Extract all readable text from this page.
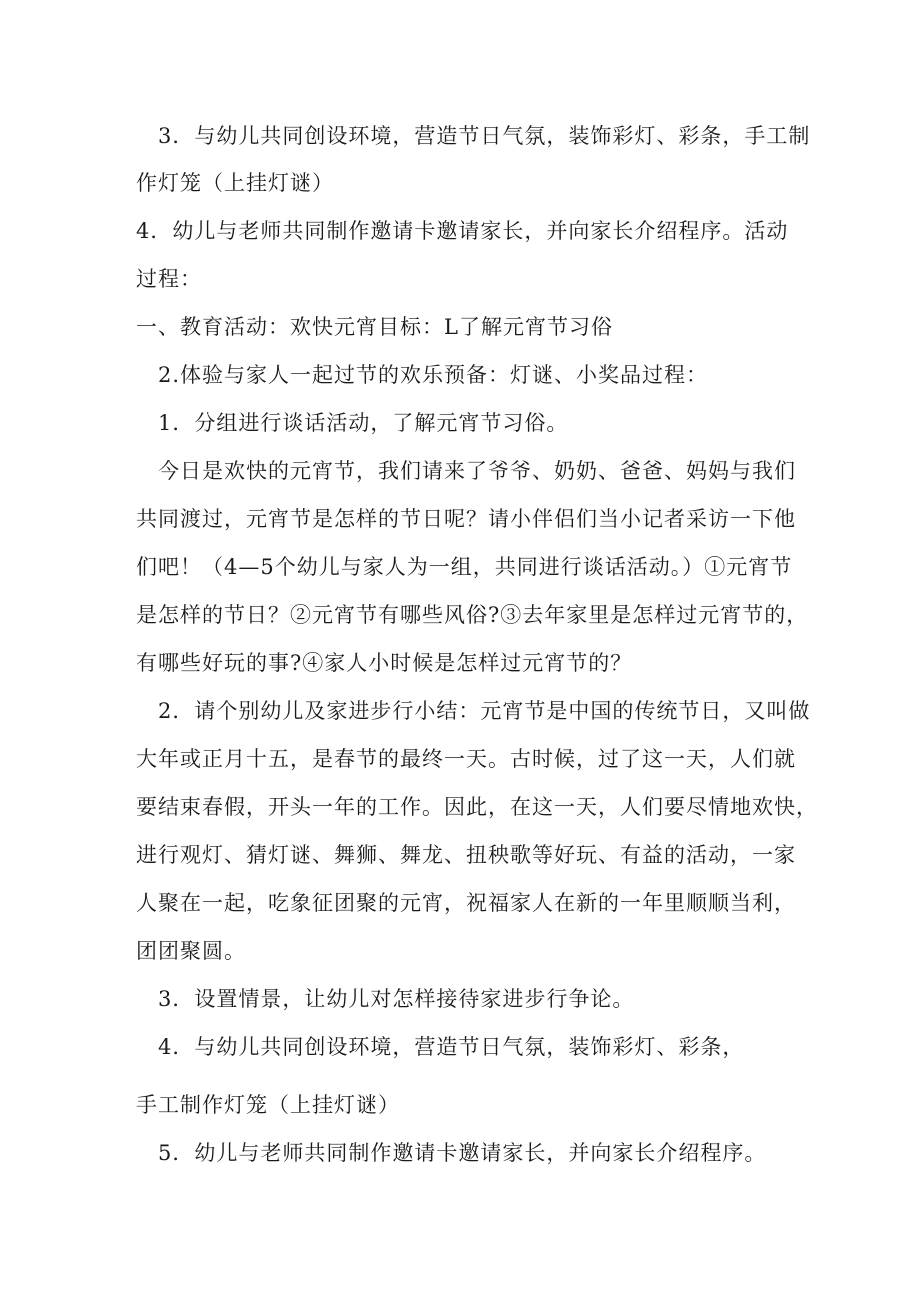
3．与幼儿共同创设环境，营造节日气氛，装饰彩灯、彩条，手工制
作灯笼（上挂灯谜）
4．幼儿与老师共同制作邀请卡邀请家长，并向家长介绍程序。活动
过程：
一、教育活动：欢快元宵目标：L了解元宵节习俗
2.体验与家人一起过节的欢乐预备：灯谜、小奖品过程：
1．分组进行谈话活动，了解元宵节习俗。
今日是欢快的元宵节，我们请来了爷爷、奶奶、爸爸、妈妈与我们
共同渡过，元宵节是怎样的节日呢？请小伴侣们当小记者采访一下他
们吧！（4—5个幼儿与家人为一组，共同进行谈话活动。）①元宵节
是怎样的节日？②元宵节有哪些风俗?③去年家里是怎样过元宵节的，
有哪些好玩的事?④家人小时候是怎样过元宵节的？
2．请个别幼儿及家进步行小结：元宵节是中国的传统节日，又叫做
大年或正月十五，是春节的最终一天。古时候，过了这一天，人们就
要结束春假，开头一年的工作。因此，在这一天，人们要尽情地欢快，
进行观灯、猜灯谜、舞狮、舞龙、扭秧歌等好玩、有益的活动，一家
人聚在一起，吃象征团聚的元宵，祝福家人在新的一年里顺顺当利，
团团聚圆。
3．设置情景，让幼儿对怎样接待家进步行争论。
4．与幼儿共同创设环境，营造节日气氛，装饰彩灯、彩条，
手工制作灯笼（上挂灯谜）
5．幼儿与老师共同制作邀请卡邀请家长，并向家长介绍程序。
